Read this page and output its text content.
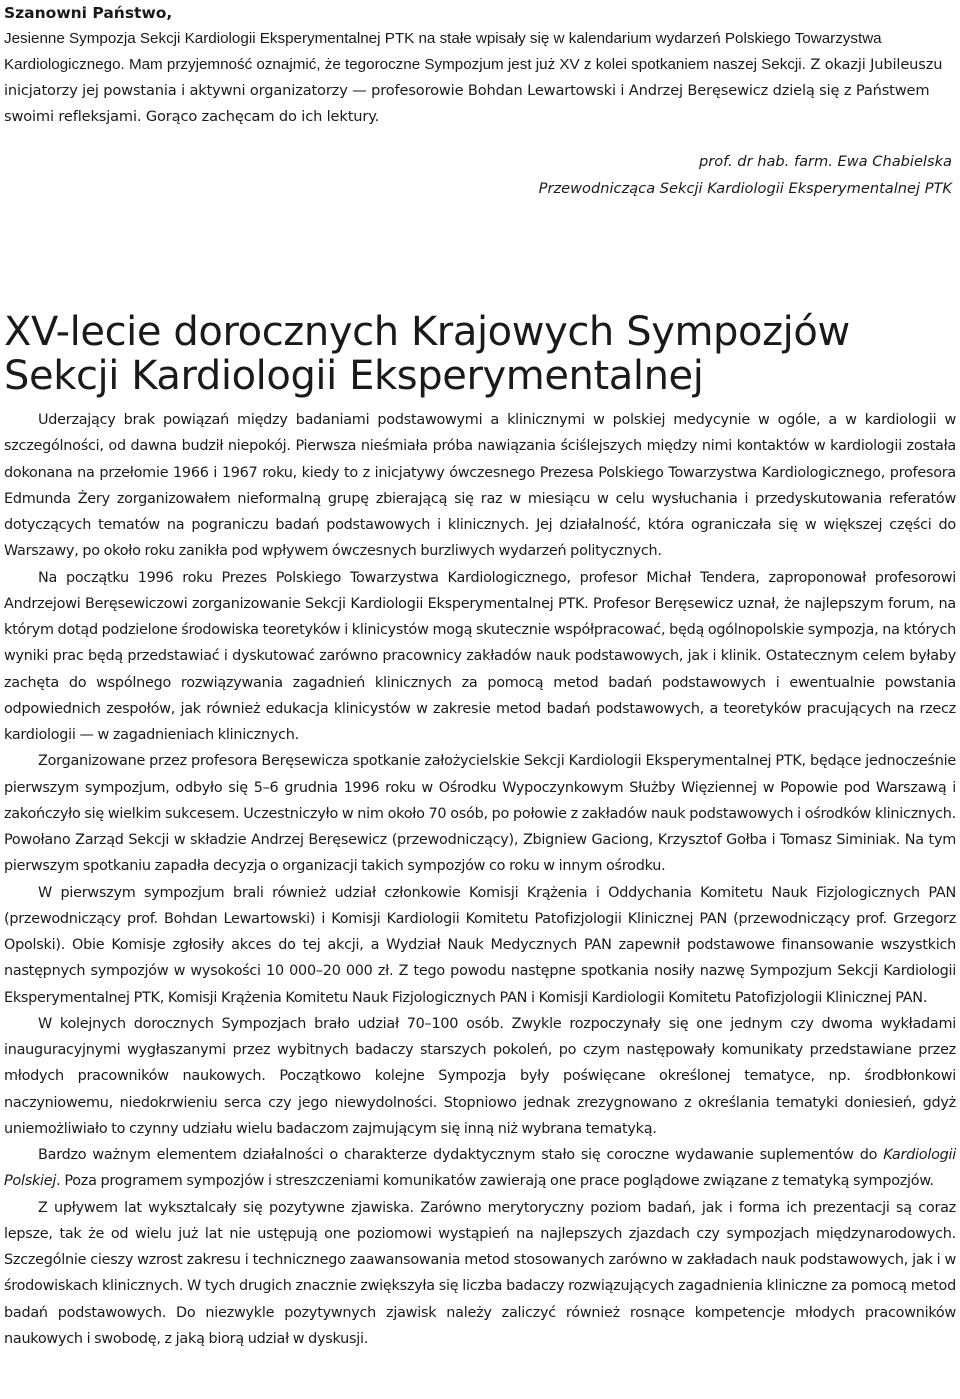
Szanowni Państwo,

Jesienne Sympozja Sekcji Kardiologii Eksperymentalnej PTK na stałe wpisały się w kalendarium wydarzeń Polskiego Towarzystwa Kardiologicznego. Mam przyjemność oznajmić, że tegoroczne Sympozjum jest już XV z kolei spotkaniem naszej Sekcji. Z okazji Jubileuszu inicjatorzy jej powstania i aktywni organizatorzy — profesorowie Bohdan Lewartowski i Andrzej Beręsewicz dzielą się z Państwem swoimi refleksjami. Gorąco zachęcam do ich lektury.

prof. dr hab. farm. Ewa Chabielska
Przewodnicząca Sekcji Kardiologii Eksperymentalnej PTK
XV-lecie dorocznych Krajowych Sympozjów
Sekcji Kardiologii Eksperymentalnej

Uderzający brak powiązań między badaniami podstawowymi a klinicznymi w polskiej medycynie w ogóle, a w kardiologii w szczególności, od dawna budził niepokój. Pierwsza nieśmiała próba nawiązania ściślejszych między nimi kontaktów w kardiologii została dokonana na przełomie 1966 i 1967 roku, kiedy to z inicjatywy ówczesnego Prezesa Polskiego Towarzystwa Kardiologicznego, profesora Edmunda Żery zorganizowałem nieformalną grupę zbierającą się raz w miesiącu w celu wysłuchania i przedyskutowania referatów dotyczących tematów na pograniczu badań podstawowych i klinicznych. Jej działalność, która ograniczała się w większej części do Warszawy, po około roku zanikła pod wpływem ówczesnych burzliwych wydarzeń politycznych.

Na początku 1996 roku Prezes Polskiego Towarzystwa Kardiologicznego, profesor Michał Tendera, zaproponował profesorowi Andrzejowi Beręsewiczowi zorganizowanie Sekcji Kardiologii Eksperymentalnej PTK. Profesor Beręsewicz uznał, że najlepszym forum, na którym dotąd podzielone środowiska teoretyków i klinicystów mogą skutecznie współpracować, będą ogólnopolskie sympozja, na których wyniki prac będą przedstawiać i dyskutować zarówno pracownicy zakładów nauk podstawowych, jak i klinik. Ostatecznym celem byłaby zachęta do wspólnego rozwiązywania zagadnień klinicznych za pomocą metod badań podstawowych i ewentualnie powstania odpowiednich zespołów, jak również edukacja klinicystów w zakresie metod badań podstawowych, a teoretyków pracujących na rzecz kardiologii — w zagadnieniach klinicznych.

Zorganizowane przez profesora Beręsewicza spotkanie założycielskie Sekcji Kardiologii Eksperymentalnej PTK, będące jednocześnie pierwszym sympozjum, odbyło się 5–6 grudnia 1996 roku w Ośrodku Wypoczynkowym Służby Więziennej w Popowie pod Warszawą i zakończyło się wielkim sukcesem. Uczestniczyło w nim około 70 osób, po połowie z zakładów nauk podstawowych i ośrodków klinicznych. Powołano Zarząd Sekcji w składzie Andrzej Beręsewicz (przewodniczący), Zbigniew Gaciong, Krzysztof Gołba i Tomasz Siminiak. Na tym pierwszym spotkaniu zapadła decyzja o organizacji takich sympozjów co roku w innym ośrodku.

W pierwszym sympozjum brali również udział członkowie Komisji Krążenia i Oddychania Komitetu Nauk Fizjologicznych PAN (przewodniczący prof. Bohdan Lewartowski) i Komisji Kardiologii Komitetu Patofizjologii Klinicznej PAN (przewodniczący prof. Grzegorz Opolski). Obie Komisje zgłosiły akces do tej akcji, a Wydział Nauk Medycznych PAN zapewnił podstawowe finansowanie wszystkich następnych sympozjów w wysokości 10 000–20 000 zł. Z tego powodu następne spotkania nosiły nazwę Sympozjum Sekcji Kardiologii Eksperymentalnej PTK, Komisji Krążenia Komitetu Nauk Fizjologicznych PAN i Komisji Kardiologii Komitetu Patofizjologii Klinicznej PAN.

W kolejnych dorocznych Sympozjach brało udział 70–100 osób. Zwykle rozpoczynały się one jednym czy dwoma wykładami inauguracyjnymi wygłaszanymi przez wybitnych badaczy starszych pokoleń, po czym następowały komunikaty przedstawiane przez młodych pracowników naukowych. Początkowo kolejne Sympozja były poświęcane określonej tematyce, np. środbłonkowi naczyniowemu, niedokrwieniu serca czy jego niewydolności. Stopniowo jednak zrezygnowano z określania tematyki doniesień, gdyż uniemożliwiało to czynny udziału wielu badaczom zajmującym się inną niż wybrana tematyką.

Bardzo ważnym elementem działalności o charakterze dydaktycznym stało się coroczne wydawanie suplementów do Kardiologii Polskiej. Poza programem sympozjów i streszczeniami komunikatów zawierają one prace poglądowe związane z tematyką sympozjów.

Z upływem lat wyksztalcały się pozytywne zjawiska. Zarówno merytoryczny poziom badań, jak i forma ich prezentacji są coraz lepsze, tak że od wielu już lat nie ustępują one poziomowi wystąpień na najlepszych zjazdach czy sympozjach międzynarodowych. Szczególnie cieszy wzrost zakresu i technicznego zaawansowania metod stosowanych zarówno w zakładach nauk podstawowych, jak i w środowiskach klinicznych. W tych drugich znacznie zwiększyła się liczba badaczy rozwiązujących zagadnienia kliniczne za pomocą metod badań podstawowych. Do niezwykle pozytywnych zjawisk należy zaliczyć również rosnące kompetencje młodych pracowników naukowych i swobodę, z jaką biorą udział w dyskusji.
